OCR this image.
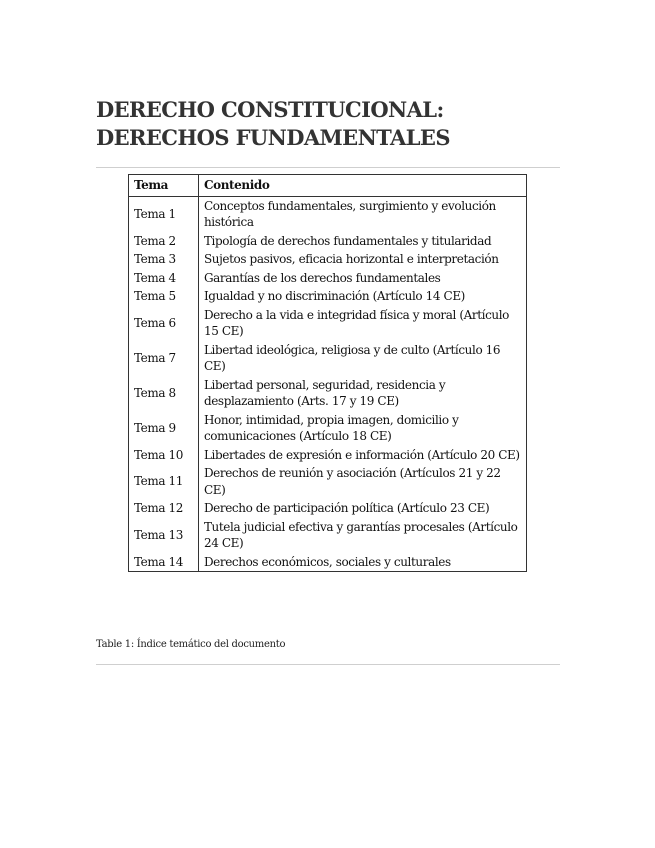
DERECHO CONSTITUCIONAL: DERECHOS FUNDAMENTALES
Tema	Contenido
Tema 1	Conceptos fundamentales, surgimiento y evolución histórica
Tema 2	Tipología de derechos fundamentales y titularidad
Tema 3	Sujetos pasivos, eficacia horizontal e interpretación
Tema 4	Garantías de los derechos fundamentales
Tema 5	Igualdad y no discriminación (Artículo 14 CE)
Tema 6	Derecho a la vida e integridad física y moral (Artículo 15 CE)
Tema 7	Libertad ideológica, religiosa y de culto (Artículo 16 CE)
Tema 8	Libertad personal, seguridad, residencia y desplazamiento (Arts. 17 y 19 CE)
Tema 9	Honor, intimidad, propia imagen, domicilio y comunicaciones (Artículo 18 CE)
Tema 10	Libertades de expresión e información (Artículo 20 CE)
Tema 11	Derechos de reunión y asociación (Artículos 21 y 22 CE)
Tema 12	Derecho de participación política (Artículo 23 CE)
Tema 13	Tutela judicial efectiva y garantías procesales (Artículo 24 CE)
Tema 14	Derechos económicos, sociales y culturales

Table 1: Índice temático del documento
